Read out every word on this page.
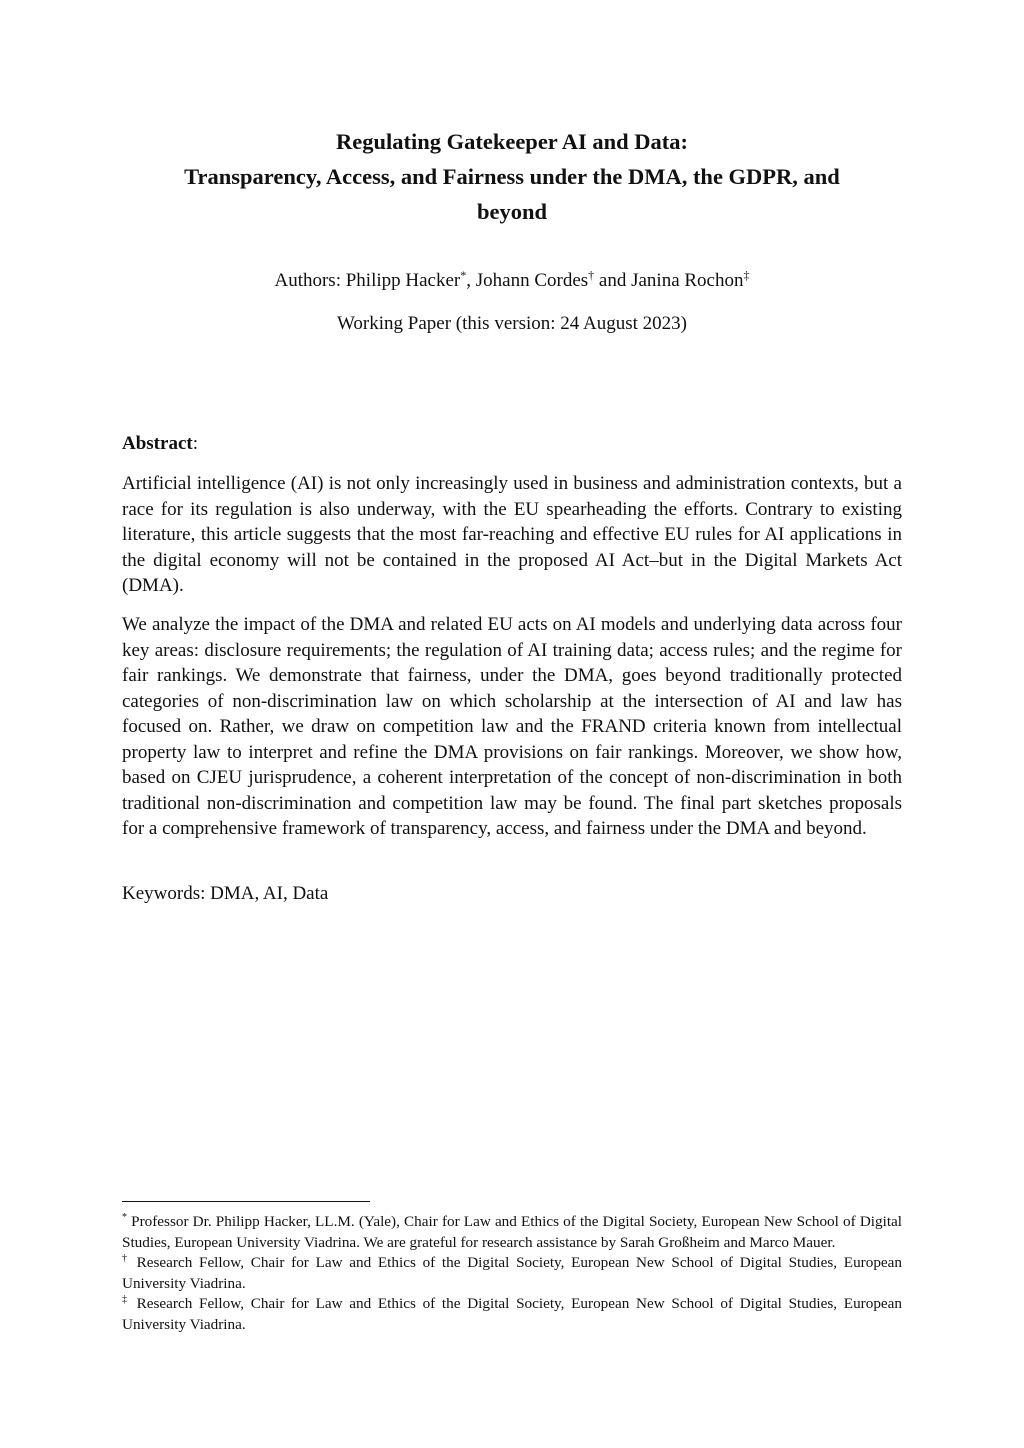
Regulating Gatekeeper AI and Data:
Transparency, Access, and Fairness under the DMA, the GDPR, and
beyond
Authors: Philipp Hacker*, Johann Cordes† and Janina Rochon‡
Working Paper (this version: 24 August 2023)
Abstract:
Artificial intelligence (AI) is not only increasingly used in business and administration contexts, but a race for its regulation is also underway, with the EU spearheading the efforts. Contrary to existing literature, this article suggests that the most far-reaching and effective EU rules for AI applications in the digital economy will not be contained in the proposed AI Act–but in the Digital Markets Act (DMA).
We analyze the impact of the DMA and related EU acts on AI models and underlying data across four key areas: disclosure requirements; the regulation of AI training data; access rules; and the regime for fair rankings. We demonstrate that fairness, under the DMA, goes beyond traditionally protected categories of non-discrimination law on which scholarship at the intersection of AI and law has focused on. Rather, we draw on competition law and the FRAND criteria known from intellectual property law to interpret and refine the DMA provisions on fair rankings. Moreover, we show how, based on CJEU jurisprudence, a coherent interpretation of the concept of non-discrimination in both traditional non-discrimination and competition law may be found. The final part sketches proposals for a comprehensive framework of transparency, access, and fairness under the DMA and beyond.
Keywords: DMA, AI, Data
* Professor Dr. Philipp Hacker, LL.M. (Yale), Chair for Law and Ethics of the Digital Society, European New School of Digital Studies, European University Viadrina. We are grateful for research assistance by Sarah Großheim and Marco Mauer.
† Research Fellow, Chair for Law and Ethics of the Digital Society, European New School of Digital Studies, European University Viadrina.
‡ Research Fellow, Chair for Law and Ethics of the Digital Society, European New School of Digital Studies, European University Viadrina.
